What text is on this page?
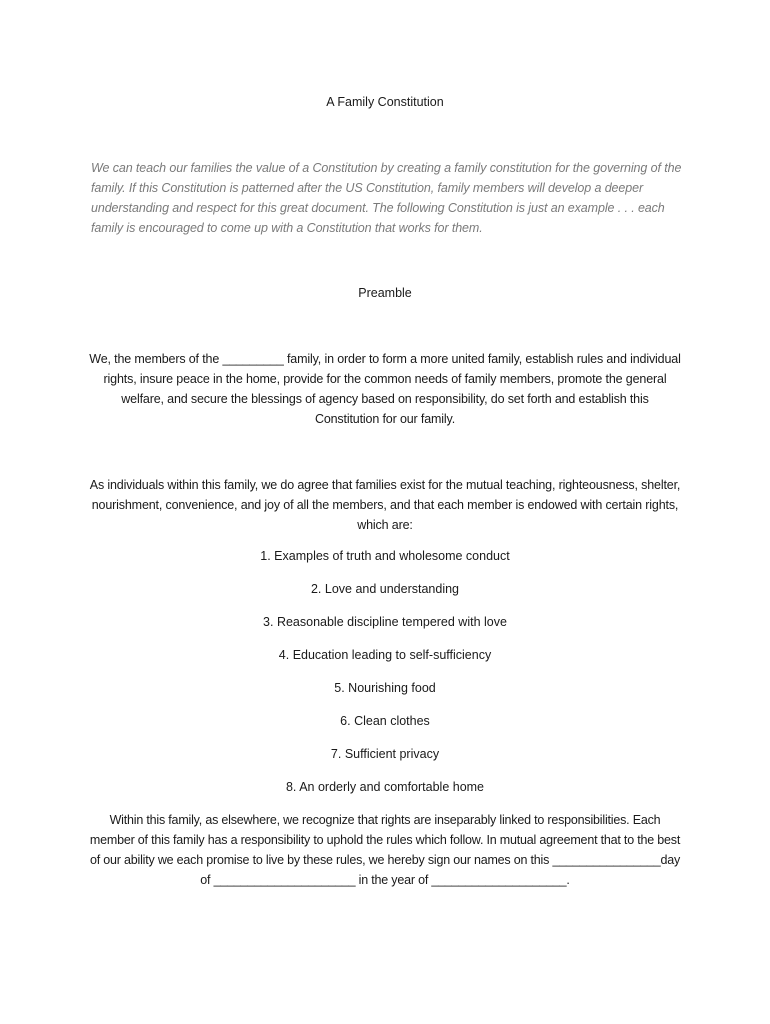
A Family Constitution
We can teach our families the value of a Constitution by creating a family constitution for the governing of the family. If this Constitution is patterned after the US Constitution, family members will develop a deeper understanding and respect for this great document. The following Constitution is just an example . . . each family is encouraged to come up with a Constitution that works for them.
Preamble
We, the members of the _________ family, in order to form a more united family, establish rules and individual rights, insure peace in the home, provide for the common needs of family members, promote the general welfare, and secure the blessings of agency based on responsibility, do set forth and establish this Constitution for our family.
As individuals within this family, we do agree that families exist for the mutual teaching, righteousness, shelter, nourishment, convenience, and joy of all the members, and that each member is endowed with certain rights, which are:
1. Examples of truth and wholesome conduct
2. Love and understanding
3. Reasonable discipline tempered with love
4. Education leading to self-sufficiency
5. Nourishing food
6. Clean clothes
7. Sufficient privacy
8. An orderly and comfortable home
Within this family, as elsewhere, we recognize that rights are inseparably linked to responsibilities. Each member of this family has a responsibility to uphold the rules which follow. In mutual agreement that to the best of our ability we each promise to live by these rules, we hereby sign our names on this ________________day of _____________________ in the year of ____________________.
